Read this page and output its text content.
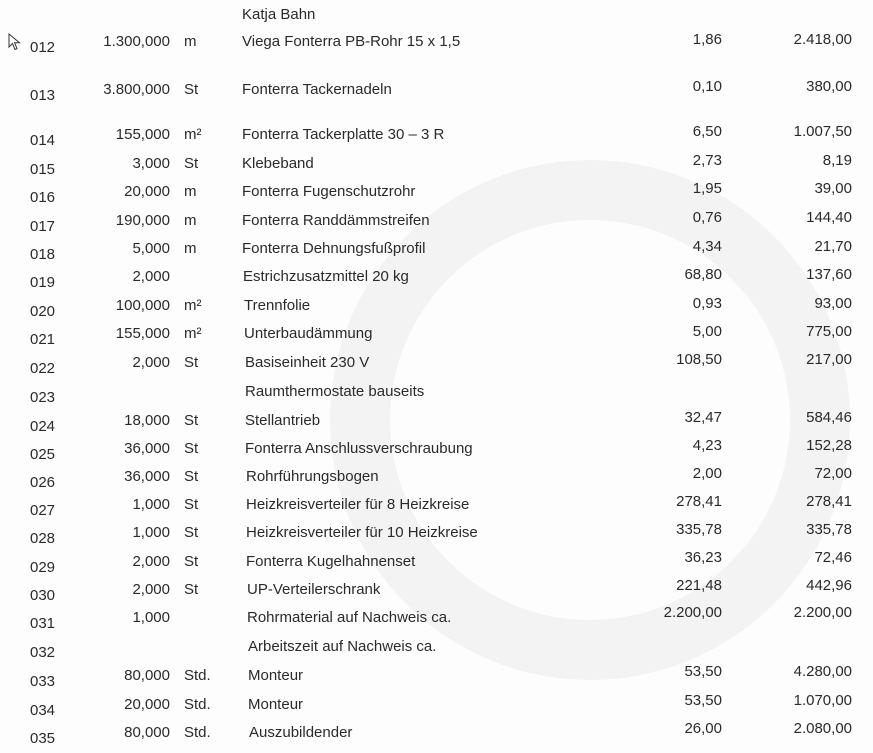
Katja Bahn
012	1.300,000 m	Viega Fonterra PB-Rohr 15 x 1,5	1,86	2.418,00
013	3.800,000 St	Fonterra Tackernadeln	0,10	380,00
014	155,000 m²	Fonterra Tackerplatte 30 – 3 R	6,50	1.007,50
015	3,000 St	Klebeband	2,73	8,19
016	20,000 m	Fonterra Fugenschutzrohr	1,95	39,00
017	190,000 m	Fonterra Randdämmstreifen	0,76	144,40
018	5,000 m	Fonterra Dehnungsfußprofil	4,34	21,70
019	2,000	Estrichzusatzmittel 20 kg	68,80	137,60
020	100,000 m²	Trennfolie	0,93	93,00
021	155,000 m²	Unterbaudämmung	5,00	775,00
022	2,000 St	Basiseinheit 230 V	108,50	217,00
023	Raumthermostate bauseits
024	18,000 St	Stellantrieb	32,47	584,46
025	36,000 St	Fonterra Anschlussverschraubung	4,23	152,28
026	36,000 St	Rohrführungsbogen	2,00	72,00
027	1,000 St	Heizkreisverteiler für 8 Heizkreise	278,41	278,41
028	1,000 St	Heizkreisverteiler für 10 Heizkreise	335,78	335,78
029	2,000 St	Fonterra Kugelhahnenset	36,23	72,46
030	2,000 St	UP-Verteilerschrank	221,48	442,96
031	1,000	Rohrmaterial auf Nachweis ca.	2.200,00	2.200,00
032	Arbeitszeit auf Nachweis ca.
033	80,000 Std.	Monteur	53,50	4.280,00
034	20,000 Std.	Monteur	53,50	1.070,00
035	80,000 Std.	Auszubildender	26,00	2.080,00
